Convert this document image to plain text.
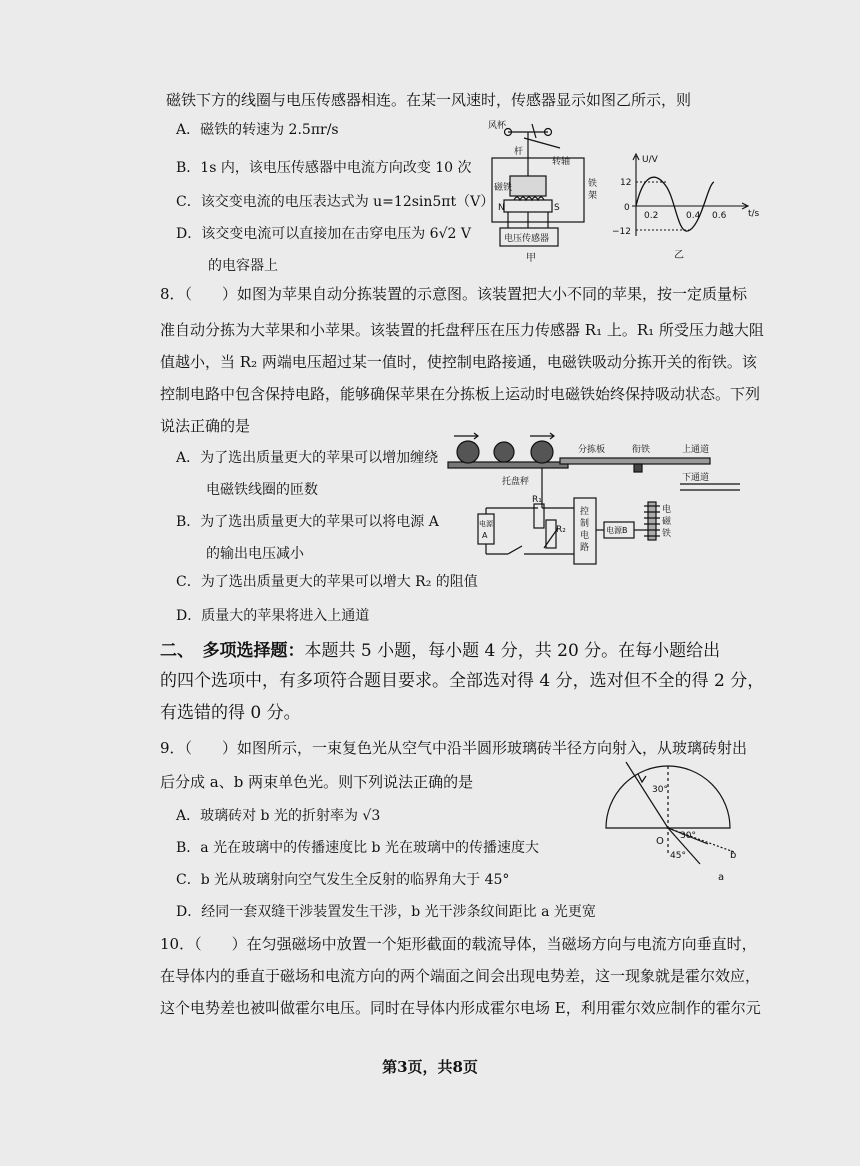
磁铁下方的线圈与电压传感器相连。在某一风速时，传感器显示如图乙所示，则
A．磁铁的转速为 2.5πr/s
B．1s 内，该电压传感器中电流方向改变 10 次
C．该交变电流的电压表达式为 u=12sin5πt（V）
D．该交变电流可以直接加在击穿电压为 6√2 V
的电容器上
风杯
杆
转轴
磁铁	铁
架
N	S
电压传感器
甲
U/V
t/s
12
0
−12
0.2	0.4 0.6
乙
8．（　　）如图为苹果自动分拣装置的示意图。该装置把大小不同的苹果，按一定质量标
准自动分拣为大苹果和小苹果。该装置的托盘秤压在压力传感器 R₁ 上。R₁ 所受压力越大阻
值越小，当 R₂ 两端电压超过某一值时，使控制电路接通，电磁铁吸动分拣开关的衔铁。该
控制电路中包含保持电路，能够确保苹果在分拣板上运动时电磁铁始终保持吸动状态。下列
说法正确的是
A．为了选出质量更大的苹果可以增加缠绕
电磁铁线圈的匝数
B．为了选出质量更大的苹果可以将电源 A
的输出电压减小
C．为了选出质量更大的苹果可以增大 R₂ 的阻值
D．质量大的苹果将进入上通道
分拣板	衔铁	上通道
下通道
托盘秤
R₁
R₂
控
制
电
路
电源B
电
磁
铁
电源
A
二、　多项选择题：本题共 5 小题，每小题 4 分，共 20 分。在每小题给出
的四个选项中，有多项符合题目要求。全部选对得 4 分，选对但不全的得 2 分，
有选错的得 0 分。
9．（　　）如图所示，一束复色光从空气中沿半圆形玻璃砖半径方向射入，从玻璃砖射出
后分成 a、b 两束单色光。则下列说法正确的是
A．玻璃砖对 b 光的折射率为 √3
B．a 光在玻璃中的传播速度比 b 光在玻璃中的传播速度大
C．b 光从玻璃射向空气发生全反射的临界角大于 45°
D．经同一套双缝干涉装置发生干涉，b 光干涉条纹间距比 a 光更宽
30°
30°
45°
O
b
a
10．（　　）在匀强磁场中放置一个矩形截面的载流导体，当磁场方向与电流方向垂直时，
在导体内的垂直于磁场和电流方向的两个端面之间会出现电势差，这一现象就是霍尔效应，
这个电势差也被叫做霍尔电压。同时在导体内形成霍尔电场 E，利用霍尔效应制作的霍尔元
第3页，共8页
